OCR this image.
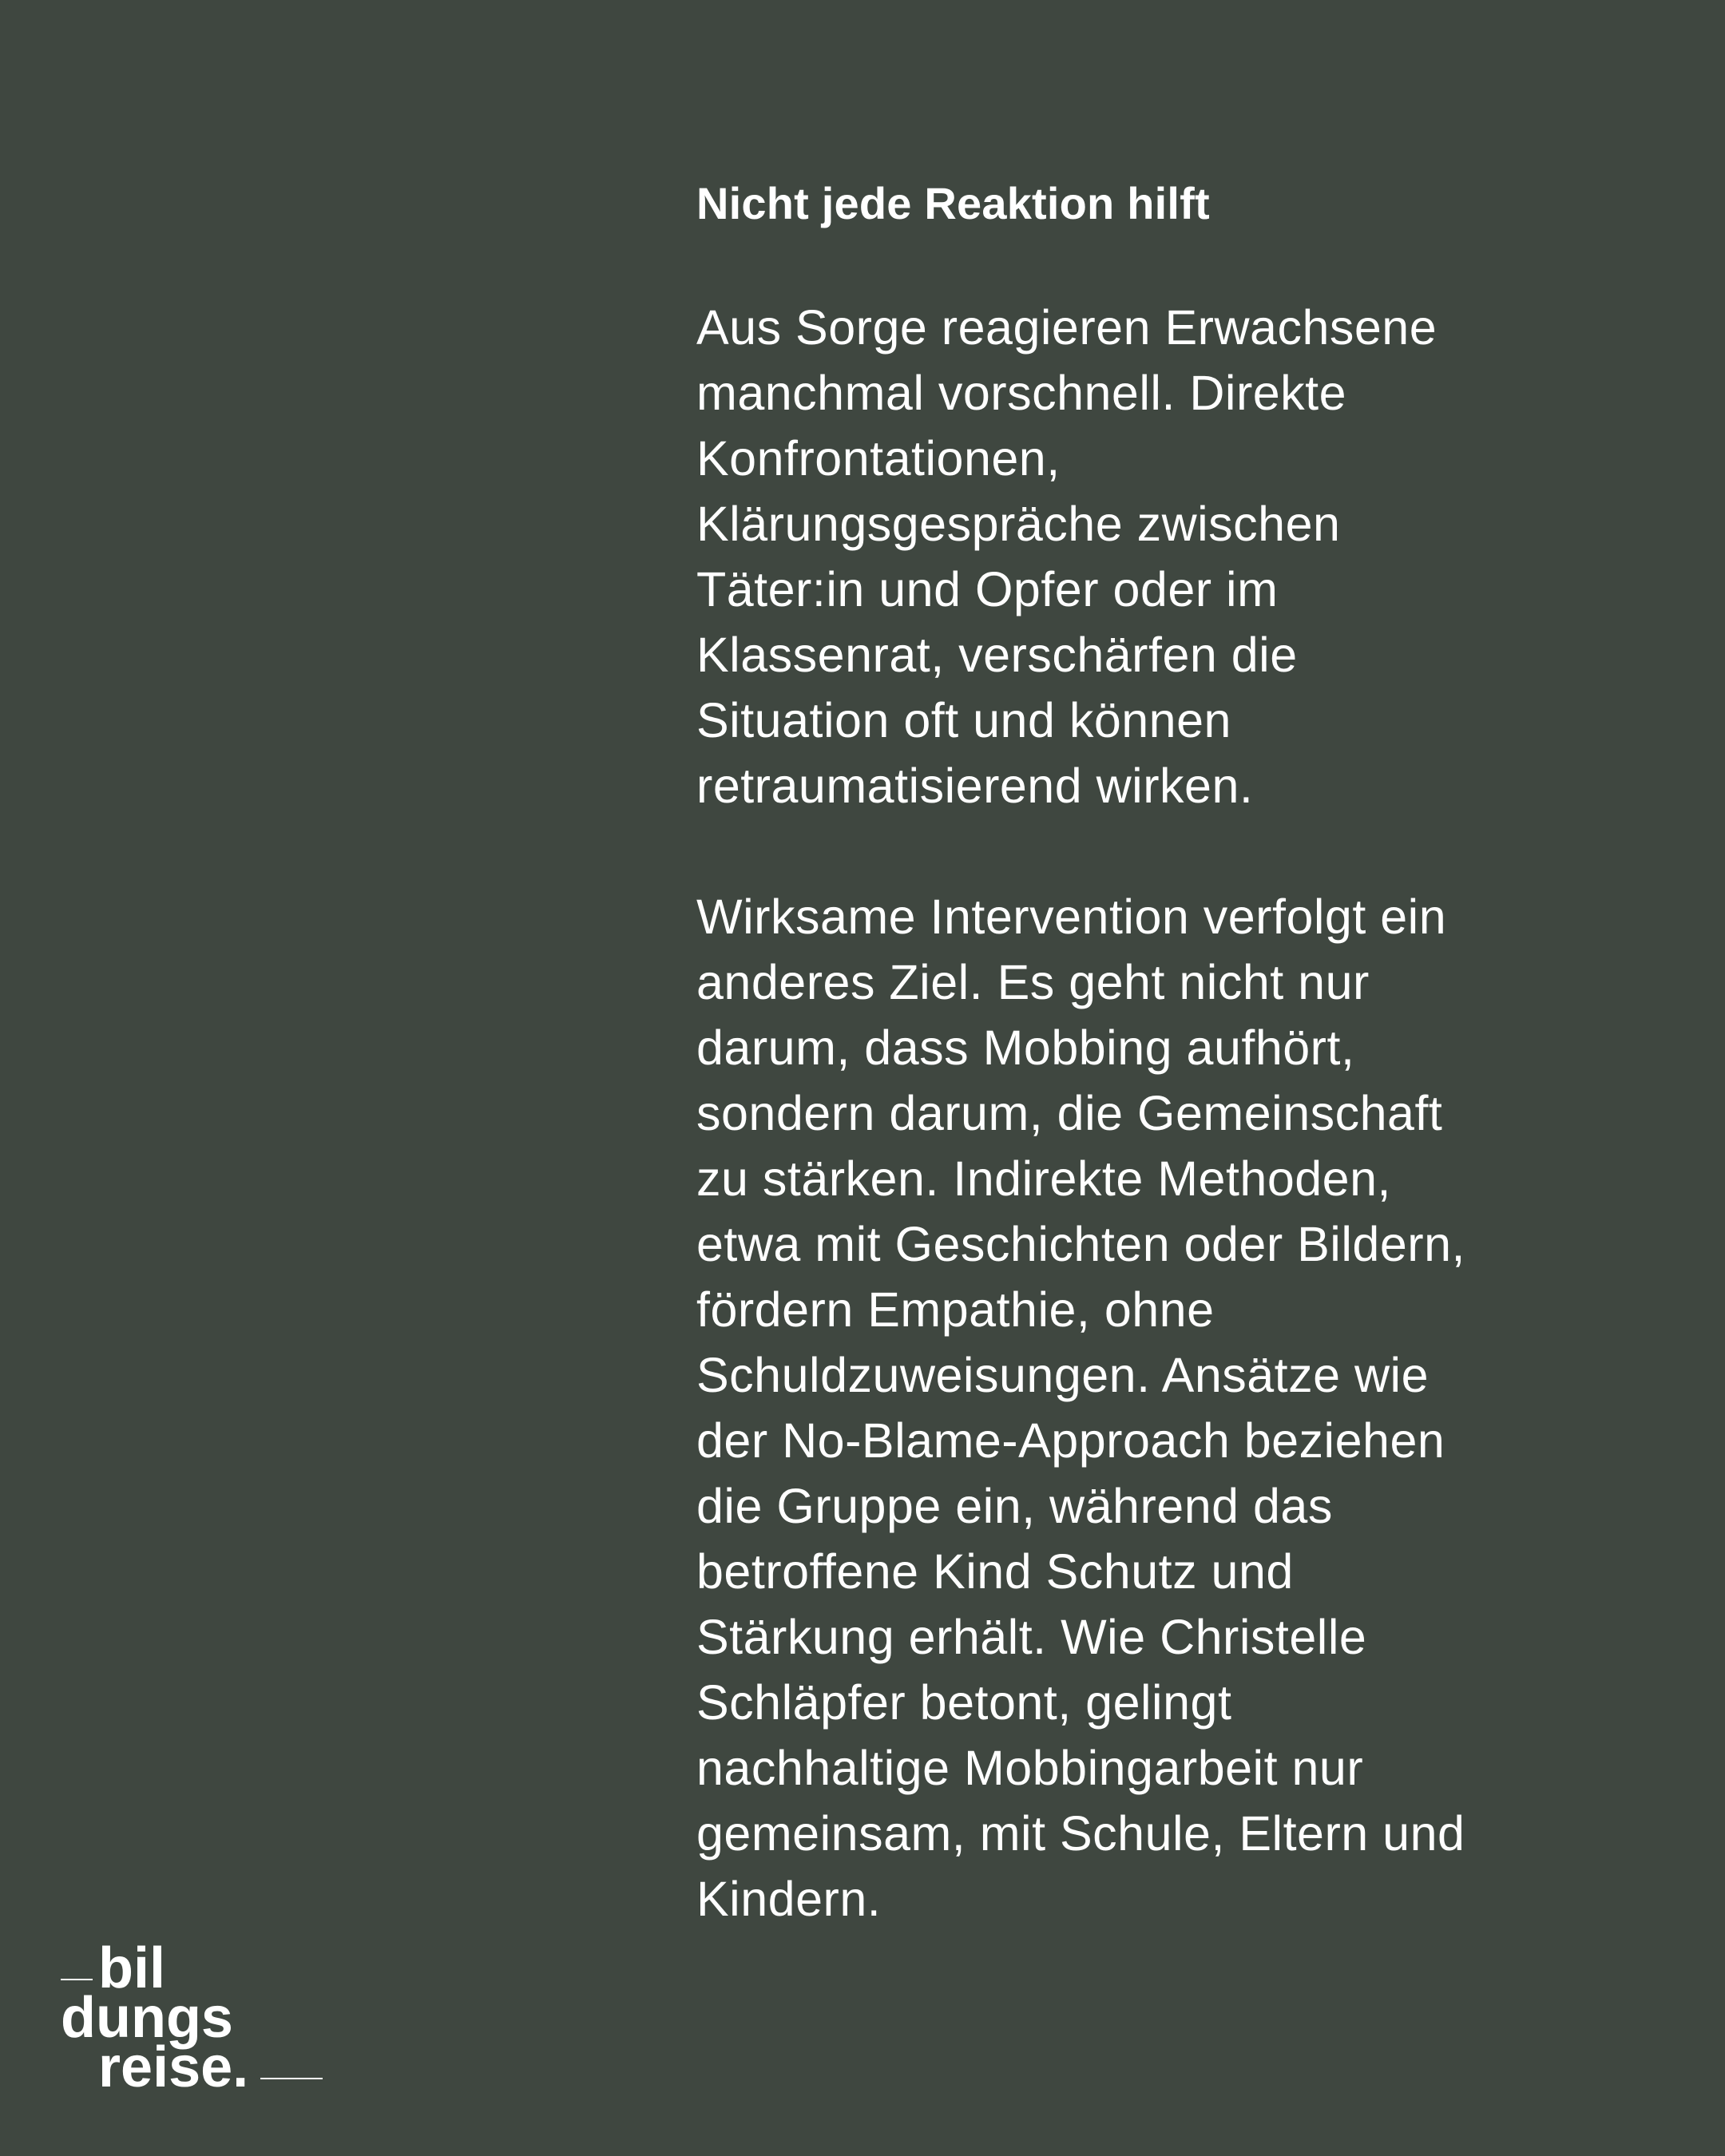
Nicht jede Reaktion hilft

Aus Sorge reagieren Erwachsene
manchmal vorschnell. Direkte
Konfrontationen,
Klärungsgespräche zwischen
Täter:in und Opfer oder im
Klassenrat, verschärfen die
Situation oft und können
retraumatisierend wirken.

Wirksame Intervention verfolgt ein
anderes Ziel. Es geht nicht nur
darum, dass Mobbing aufhört,
sondern darum, die Gemeinschaft
zu stärken. Indirekte Methoden,
etwa mit Geschichten oder Bildern,
fördern Empathie, ohne
Schuldzuweisungen. Ansätze wie
der No-Blame-Approach beziehen
die Gruppe ein, während das
betroffene Kind Schutz und
Stärkung erhält. Wie Christelle
Schläpfer betont, gelingt
nachhaltige Mobbingarbeit nur
gemeinsam, mit Schule, Eltern und
Kindern.

bil
dungs
reise.
